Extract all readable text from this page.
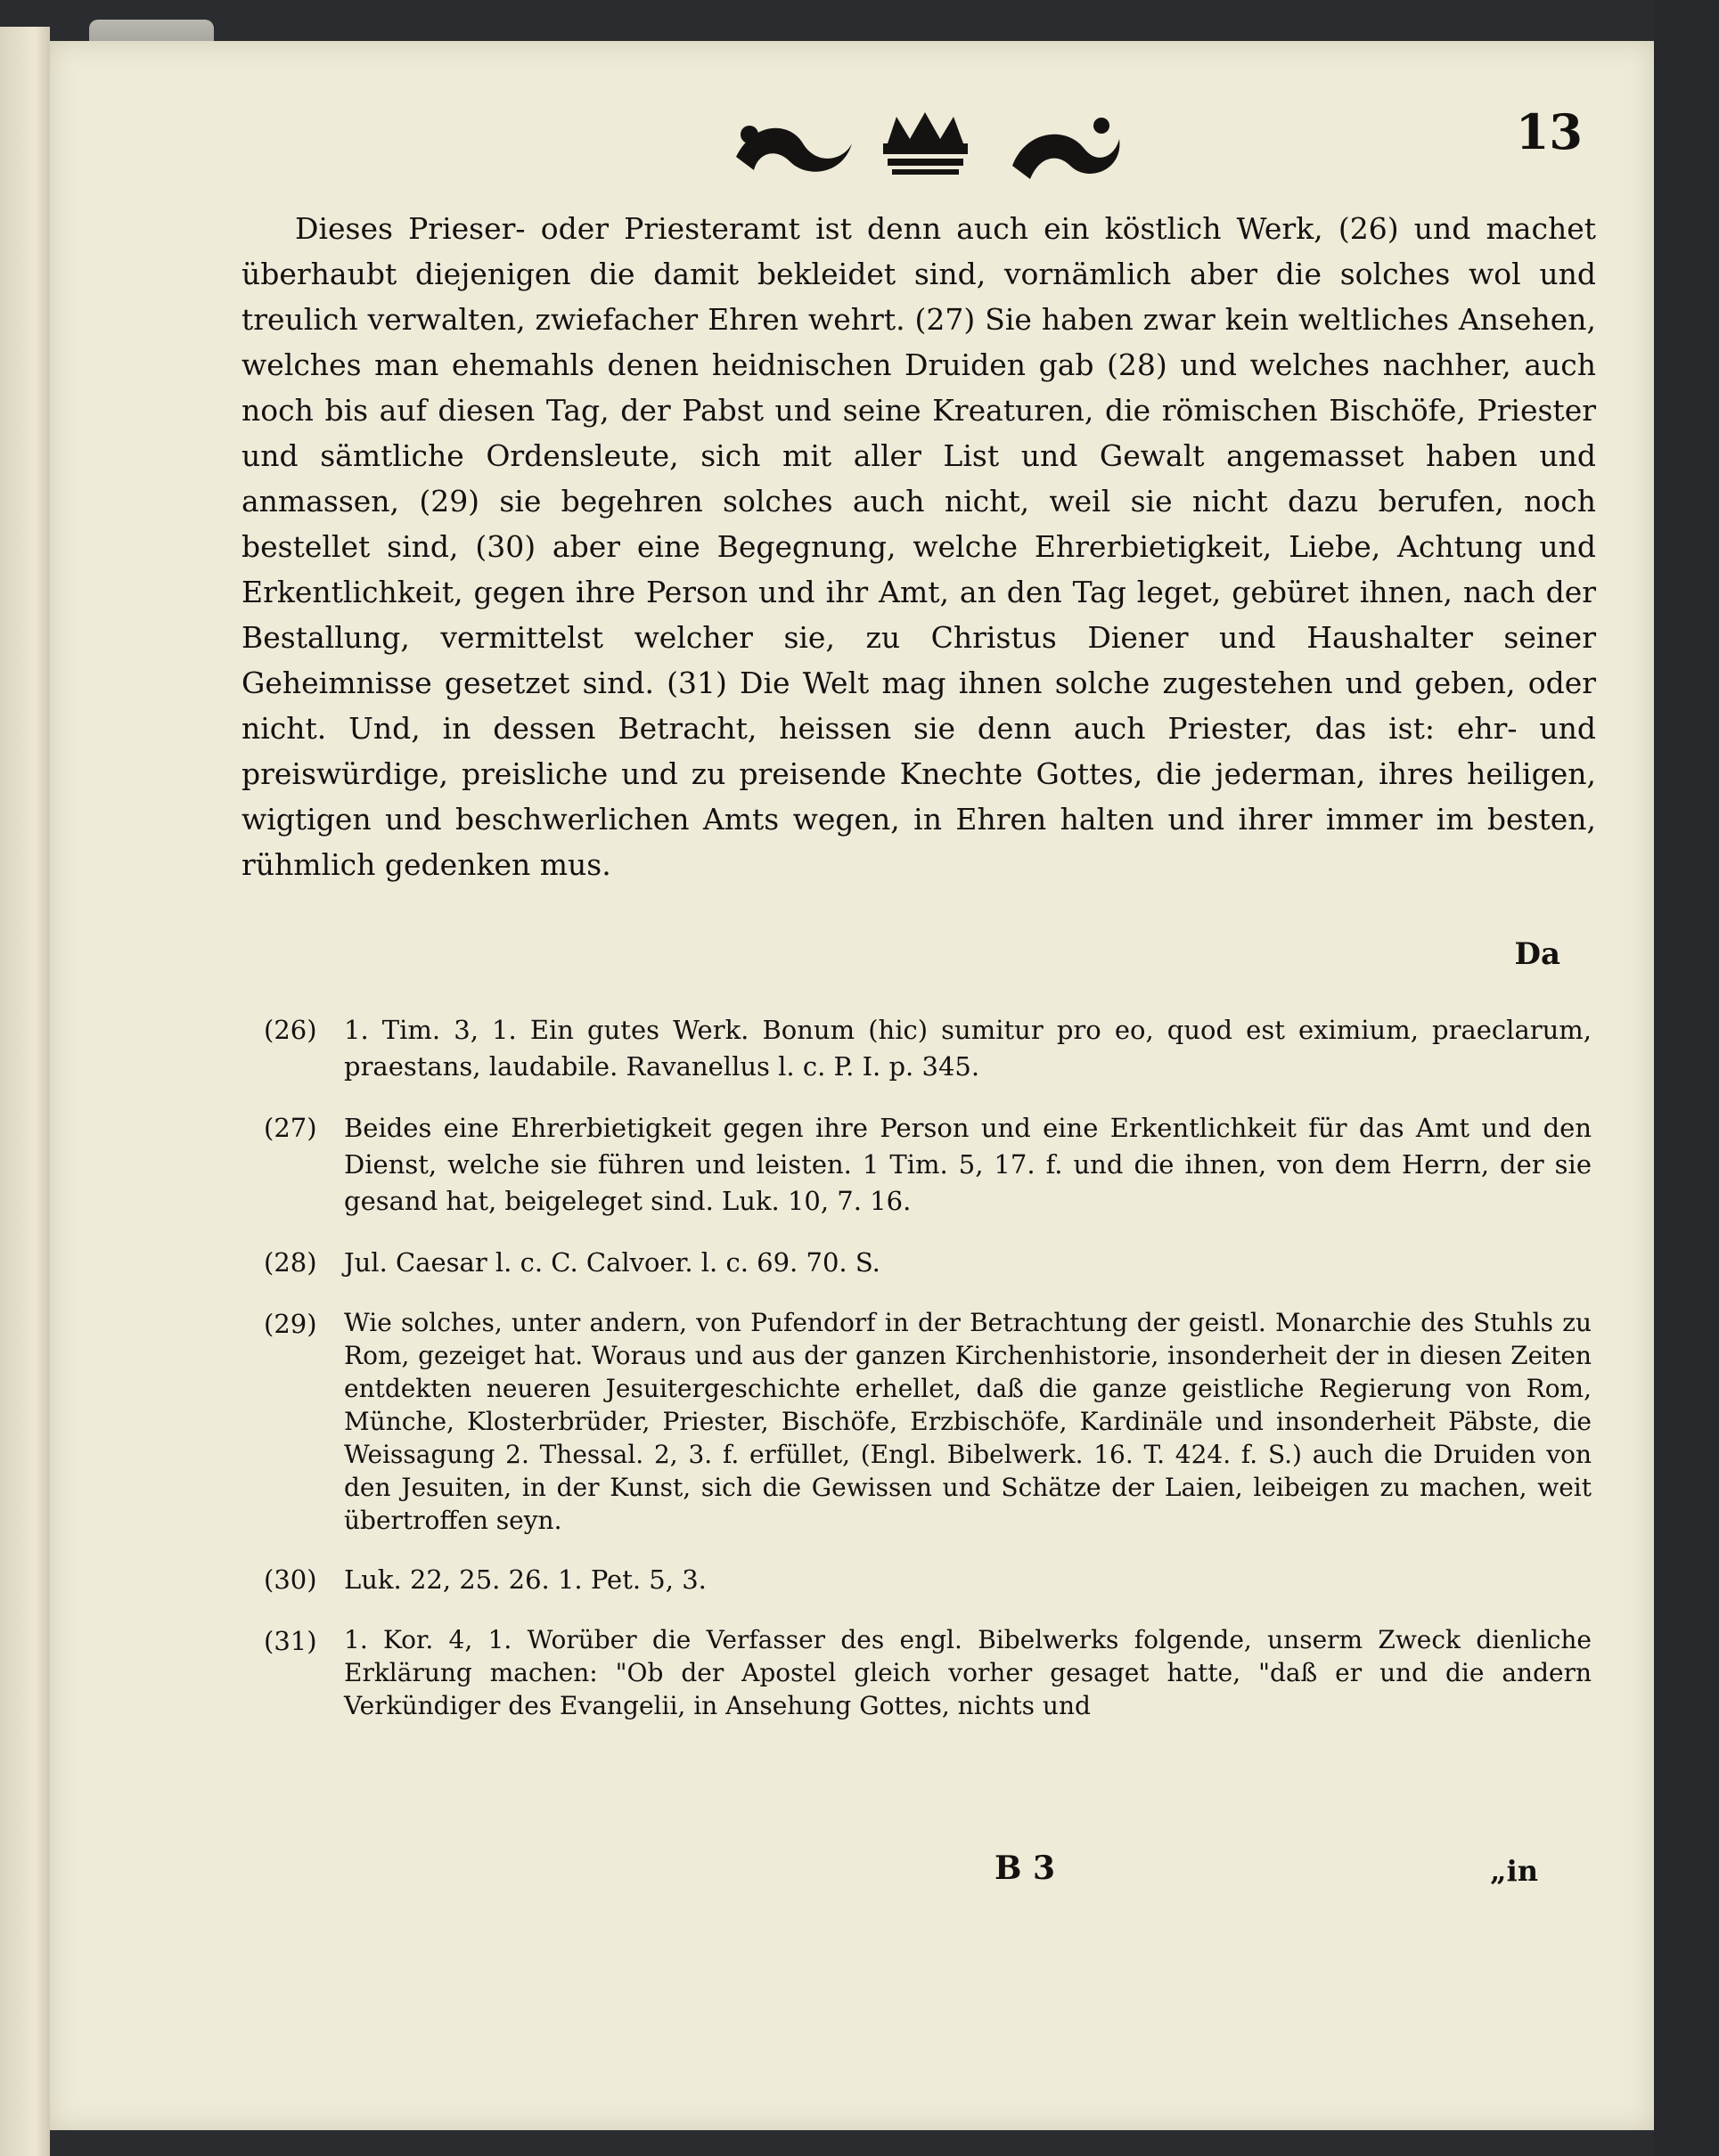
13

Dieses Prieser- oder Priesteramt ist denn auch ein köstlich Werk, (26) und machet überhaubt diejenigen die damit bekleidet sind, vornämlich aber die solches wol und treulich verwalten, zwiefacher Ehren wehrt. (27) Sie haben zwar kein weltliches Ansehen, welches man ehemahls denen heidnischen Druiden gab (28) und welches nachher, auch noch bis auf diesen Tag, der Pabst und seine Kreaturen, die römischen Bischöfe, Priester und sämtliche Ordensleute, sich mit aller List und Gewalt angemasset haben und anmassen, (29) sie begehren solches auch nicht, weil sie nicht dazu berufen, noch bestellet sind, (30) aber eine Begegnung, welche Ehrerbietigkeit, Liebe, Achtung und Erkentlichkeit, gegen ihre Person und ihr Amt, an den Tag leget, gebüret ihnen, nach der Bestallung, vermittelst welcher sie, zu Christus Diener und Haushalter seiner Geheimnisse gesetzet sind. (31) Die Welt mag ihnen solche zugestehen und geben, oder nicht. Und, in dessen Betracht, heissen sie denn auch Priester, das ist: ehr- und preiswürdige, preisliche und zu preisende Knechte Gottes, die jederman, ihres heiligen, wigtigen und beschwerlichen Amts wegen, in Ehren halten und ihrer immer im besten, rühmlich gedenken mus.

Da
(26)	1. Tim. 3, 1. Ein gutes Werk. Bonum (hic) sumitur pro eo, quod est eximium, praeclarum, praestans, laudabile. Ravanellus l. c. P. I. p. 345.
(27)	Beides eine Ehrerbietigkeit gegen ihre Person und eine Erkentlichkeit für das Amt und den Dienst, welche sie führen und leisten. 1 Tim. 5, 17. f. und die ihnen, von dem Herrn, der sie gesand hat, beigeleget sind. Luk. 10, 7. 16.
(28)	Jul. Caesar l. c. C. Calvoer. l. c. 69. 70. S.
(29)	Wie solches, unter andern, von Pufendorf in der Betrachtung der geistl. Monarchie des Stuhls zu Rom, gezeiget hat. Woraus und aus der ganzen Kirchenhistorie, insonderheit der in diesen Zeiten entdekten neueren Jesuitergeschichte erhellet, daß die ganze geistliche Regierung von Rom, Münche, Klosterbrüder, Priester, Bischöfe, Erzbischöfe, Kardinäle und insonderheit Päbste, die Weissagung 2. Thessal. 2, 3. f. erfüllet, (Engl. Bibelwerk. 16. T. 424. f. S.) auch die Druiden von den Jesuiten, in der Kunst, sich die Gewissen und Schätze der Laien, leibeigen zu machen, weit übertroffen seyn.
(30)	Luk. 22, 25. 26. 1. Pet. 5, 3.
(31)	1. Kor. 4, 1. Worüber die Verfasser des engl. Bibelwerks folgende, unserm Zweck dienliche Erklärung machen: "Ob der Apostel gleich vorher gesaget hatte, "daß er und die andern Verkündiger des Evangelii, in Ansehung Gottes, nichts und
B 3	„in
